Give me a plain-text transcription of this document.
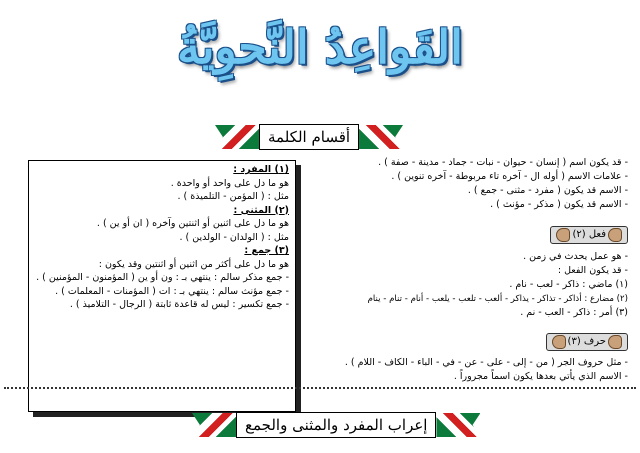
القَواعِدُ النَّحوِيَّةُ
أقسام الكلمة

- قد يكون اسم ( إنسان - حيوان - نبات - جماد - مدينة - صفة ) .

- علامات الاسم ( أوله ال - آخره تاء مربوطة - آخره تنوين ) .

- الاسم قد يكون ( مفرد - مثنى - جمع ) .

- الاسم قد يكون ( مذكر - مؤنث ) .

(٢) فعل

- هو عمل يحدث في زمن .

- قد يكون الفعل :

(١) ماضي : ذاكر - لعب - نام .

(٢) مضارع : أذاكر - تذاكر - يذاكر - ألعب - تلعب - يلعب - أنام - تنام - ينام

(٣) أمر : ذاكر - العب - نم .

(٣) حرف

- مثل حروف الجر ( من - إلى - على - عن - في - الباء - الكاف - اللام ) .

- الاسم الذي يأتي بعدها يكون اسماً مجروراً .

(١) المفرد :

هو ما دل على واحد أو واحدة .

مثل : ( المؤمن - التلميذة ) .

(٢) المثنى :

هو ما دل على اثنين أو اثنتين وآخره ( ان أو ين ) .

مثل : ( الولدان - الولدين ) .

(٣) جمع :

هو ما دل على أكثر من اثنين أو اثنتين وقد يكون :

- جمع مذكر سالم : ينتهي بـ : ون أو ين ( المؤمنون - المؤمنين ) .

- جمع مؤنث سالم : ينتهي بـ : ات ( المؤمنات - المعلمات ) .

- جمع تكسير : ليس له قاعدة ثابتة ( الرجال - التلاميذ ) .

إعراب المفرد والمثنى والجمع
